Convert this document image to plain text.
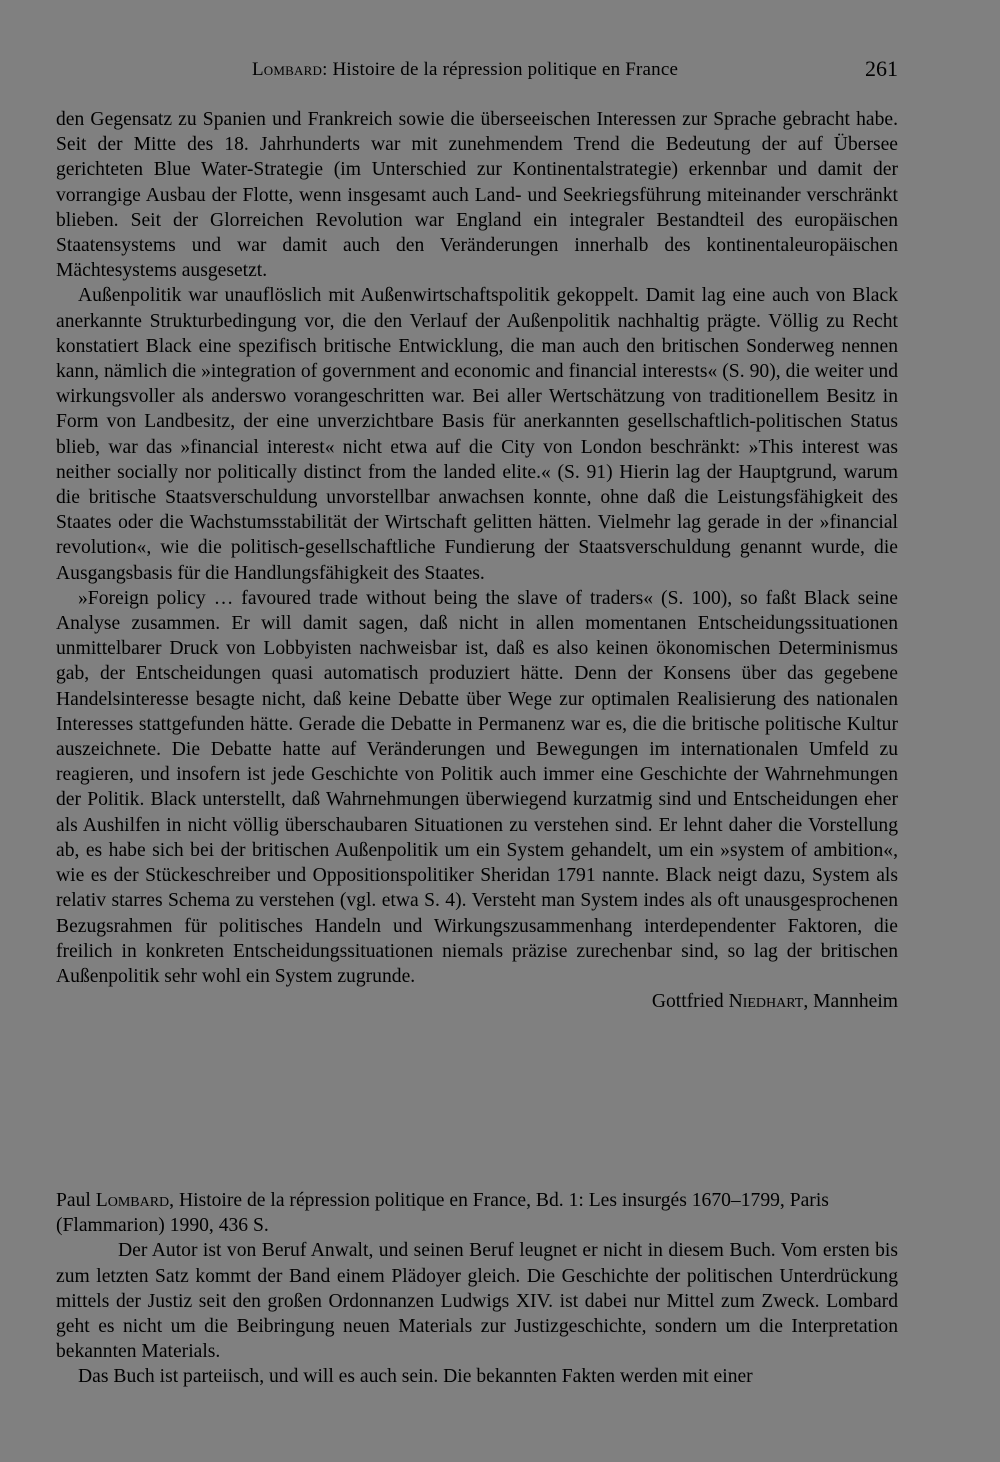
Lombard: Histoire de la répression politique en France	261

den Gegensatz zu Spanien und Frankreich sowie die überseeischen Interessen zur Sprache gebracht habe. Seit der Mitte des 18. Jahrhunderts war mit zunehmendem Trend die Bedeutung der auf Übersee gerichteten Blue Water-Strategie (im Unterschied zur Kontinentalstrategie) erkennbar und damit der vorrangige Ausbau der Flotte, wenn insgesamt auch Land- und Seekriegsführung miteinander verschränkt blieben. Seit der Glorreichen Revolution war England ein integraler Bestandteil des europäischen Staatensystems und war damit auch den Veränderungen innerhalb des kontinentaleuropäischen Mächtesystems ausgesetzt.

Außenpolitik war unauflöslich mit Außenwirtschaftspolitik gekoppelt. Damit lag eine auch von Black anerkannte Strukturbedingung vor, die den Verlauf der Außenpolitik nachhaltig prägte. Völlig zu Recht konstatiert Black eine spezifisch britische Entwicklung, die man auch den britischen Sonderweg nennen kann, nämlich die »integration of government and economic and financial interests« (S. 90), die weiter und wirkungsvoller als anderswo vorangeschritten war. Bei aller Wertschätzung von traditionellem Besitz in Form von Landbesitz, der eine unverzichtbare Basis für anerkannten gesellschaftlich-politischen Status blieb, war das »financial interest« nicht etwa auf die City von London beschränkt: »This interest was neither socially nor politically distinct from the landed elite.« (S. 91) Hierin lag der Hauptgrund, warum die britische Staatsverschuldung unvorstellbar anwachsen konnte, ohne daß die Leistungsfähigkeit des Staates oder die Wachstumsstabilität der Wirtschaft gelitten hätten. Vielmehr lag gerade in der »financial revolution«, wie die politisch-gesellschaftliche Fundierung der Staatsverschuldung genannt wurde, die Ausgangsbasis für die Handlungsfähigkeit des Staates.

»Foreign policy … favoured trade without being the slave of traders« (S. 100), so faßt Black seine Analyse zusammen. Er will damit sagen, daß nicht in allen momentanen Entscheidungssituationen unmittelbarer Druck von Lobbyisten nachweisbar ist, daß es also keinen ökonomischen Determinismus gab, der Entscheidungen quasi automatisch produziert hätte. Denn der Konsens über das gegebene Handelsinteresse besagte nicht, daß keine Debatte über Wege zur optimalen Realisierung des nationalen Interesses stattgefunden hätte. Gerade die Debatte in Permanenz war es, die die britische politische Kultur auszeichnete. Die Debatte hatte auf Veränderungen und Bewegungen im internationalen Umfeld zu reagieren, und insofern ist jede Geschichte von Politik auch immer eine Geschichte der Wahrnehmungen der Politik. Black unterstellt, daß Wahrnehmungen überwiegend kurzatmig sind und Entscheidungen eher als Aushilfen in nicht völlig überschaubaren Situationen zu verstehen sind. Er lehnt daher die Vorstellung ab, es habe sich bei der britischen Außenpolitik um ein System gehandelt, um ein »system of ambition«, wie es der Stückeschreiber und Oppositionspolitiker Sheridan 1791 nannte. Black neigt dazu, System als relativ starres Schema zu verstehen (vgl. etwa S. 4). Versteht man System indes als oft unausgesprochenen Bezugsrahmen für politisches Handeln und Wirkungszusammenhang interdependenter Faktoren, die freilich in konkreten Entscheidungssituationen niemals präzise zurechenbar sind, so lag der britischen Außenpolitik sehr wohl ein System zugrunde.

Gottfried Niedhart, Mannheim

Paul Lombard, Histoire de la répression politique en France, Bd. 1: Les insurgés 1670–1799, Paris (Flammarion) 1990, 436 S.

Der Autor ist von Beruf Anwalt, und seinen Beruf leugnet er nicht in diesem Buch. Vom ersten bis zum letzten Satz kommt der Band einem Plädoyer gleich. Die Geschichte der politischen Unterdrückung mittels der Justiz seit den großen Ordonnanzen Ludwigs XIV. ist dabei nur Mittel zum Zweck. Lombard geht es nicht um die Beibringung neuen Materials zur Justizgeschichte, sondern um die Interpretation bekannten Materials.

Das Buch ist parteiisch, und will es auch sein. Die bekannten Fakten werden mit einer
